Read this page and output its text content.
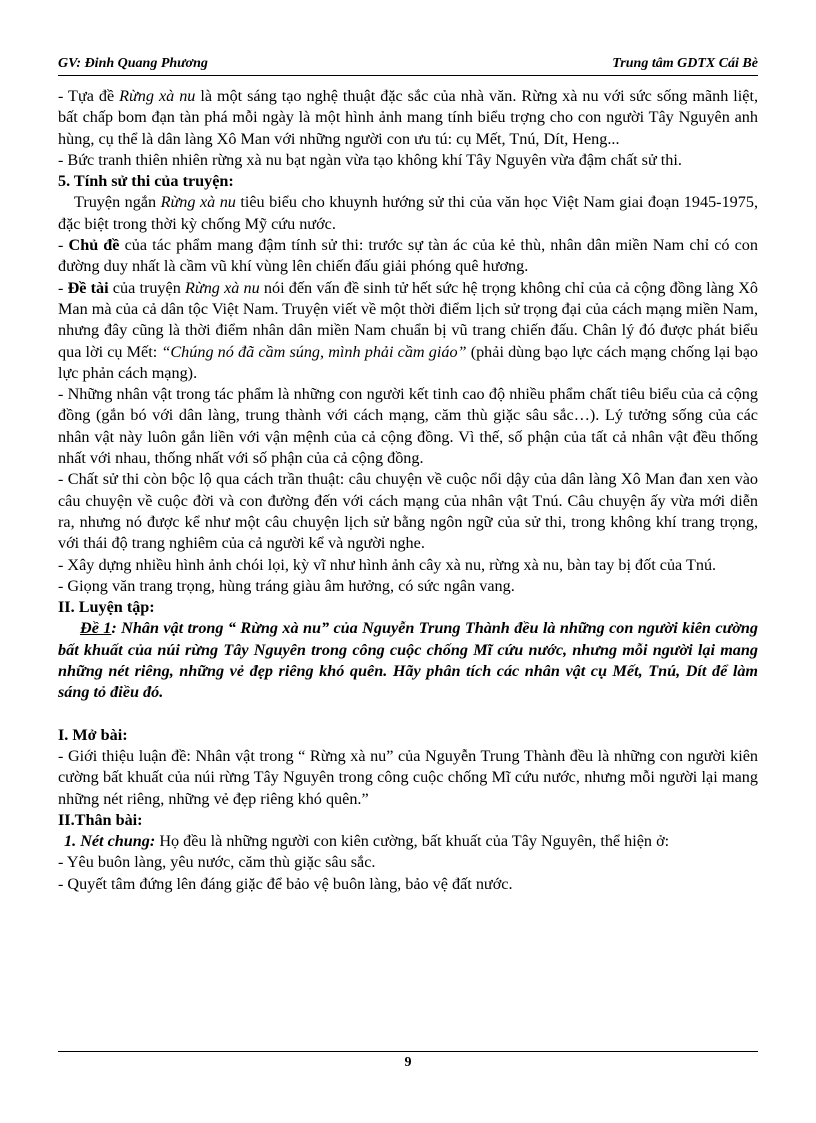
GV: Đinh Quang Phương	Trung tâm GDTX Cái Bè

- Tựa đề Rừng xà nu là một sáng tạo nghệ thuật đặc sắc của nhà văn. Rừng xà nu với sức sống mãnh liệt, bất chấp bom đạn tàn phá mỗi ngày là một hình ảnh mang tính biểu trợng cho con người Tây Nguyên anh hùng, cụ thể là dân làng Xô Man với những người con ưu tú: cụ Mết, Tnú, Dít, Heng...

- Bức tranh thiên nhiên rừng xà nu bạt ngàn vừa tạo không khí Tây Nguyên vừa đậm chất sử thi.

5. Tính sử thi của truyện:

Truyện ngắn Rừng xà nu tiêu biểu cho khuynh hướng sử thi của văn học Việt Nam giai đoạn 1945-1975, đặc biệt trong thời kỳ chống Mỹ cứu nước.

- Chủ đề của tác phẩm mang đậm tính sử thi: trước sự tàn ác của kẻ thù, nhân dân miền Nam chỉ có con đường duy nhất là cầm vũ khí vùng lên chiến đấu giải phóng quê hương.

- Đề tài của truyện Rừng xà nu nói đến vấn đề sinh tử hết sức hệ trọng không chỉ của cả cộng đồng làng Xô Man mà của cả dân tộc Việt Nam. Truyện viết về một thời điểm lịch sử trọng đại của cách mạng miền Nam, nhưng đây cũng là thời điểm nhân dân miền Nam chuẩn bị vũ trang chiến đấu. Chân lý đó được phát biểu qua lời cụ Mết: “Chúng nó đã cầm súng, mình phải cầm giáo” (phải dùng bạo lực cách mạng chống lại bạo lực phản cách mạng).

- Những nhân vật trong tác phẩm là những con người kết tinh cao độ nhiều phẩm chất tiêu biểu của cả cộng đồng (gắn bó với dân làng, trung thành với cách mạng, căm thù giặc sâu sắc…). Lý tưởng sống của các nhân vật này luôn gắn liền với vận mệnh của cả cộng đồng. Vì thế, số phận của tất cả nhân vật đều thống nhất với nhau, thống nhất với số phận của cả cộng đồng.

- Chất sử thi còn bộc lộ qua cách trần thuật: câu chuyện về cuộc nổi dậy của dân làng Xô Man đan xen vào câu chuyện về cuộc đời và con đường đến với cách mạng của nhân vật Tnú. Câu chuyện ấy vừa mới diễn ra, nhưng nó được kể như một câu chuyện lịch sử bằng ngôn ngữ của sử thi, trong không khí trang trọng, với thái độ trang nghiêm của cả người kể và người nghe.

- Xây dựng nhiều hình ảnh chói lọi, kỳ vĩ như hình ảnh cây xà nu, rừng xà nu, bàn tay bị đốt của Tnú.

- Giọng văn trang trọng, hùng tráng giàu âm hưởng, có sức ngân vang.

II. Luyện tập:

Đề 1: Nhân vật trong “ Rừng xà nu” của Nguyễn Trung Thành đều là những con người kiên cường bất khuất của núi rừng Tây Nguyên trong công cuộc chống Mĩ cứu nước, nhưng mỗi người lại mang những nét riêng, những vẻ đẹp riêng khó quên. Hãy phân tích các nhân vật cụ Mết, Tnú, Dít để làm sáng tỏ điều đó.

I. Mở bài:

- Giới thiệu luận đề: Nhân vật trong “ Rừng xà nu” của Nguyễn Trung Thành đều là những con người kiên cường bất khuất của núi rừng Tây Nguyên trong công cuộc chống Mĩ cứu nước, nhưng mỗi người lại mang những nét riêng, những vẻ đẹp riêng khó quên.”

II.Thân bài:

1. Nét chung: Họ đều là những người con kiên cường, bất khuất của Tây Nguyên, thể hiện ở:

- Yêu buôn làng, yêu nước, căm thù giặc sâu sắc.

- Quyết tâm đứng lên đáng giặc để bảo vệ buôn làng, bảo vệ đất nước.

9
